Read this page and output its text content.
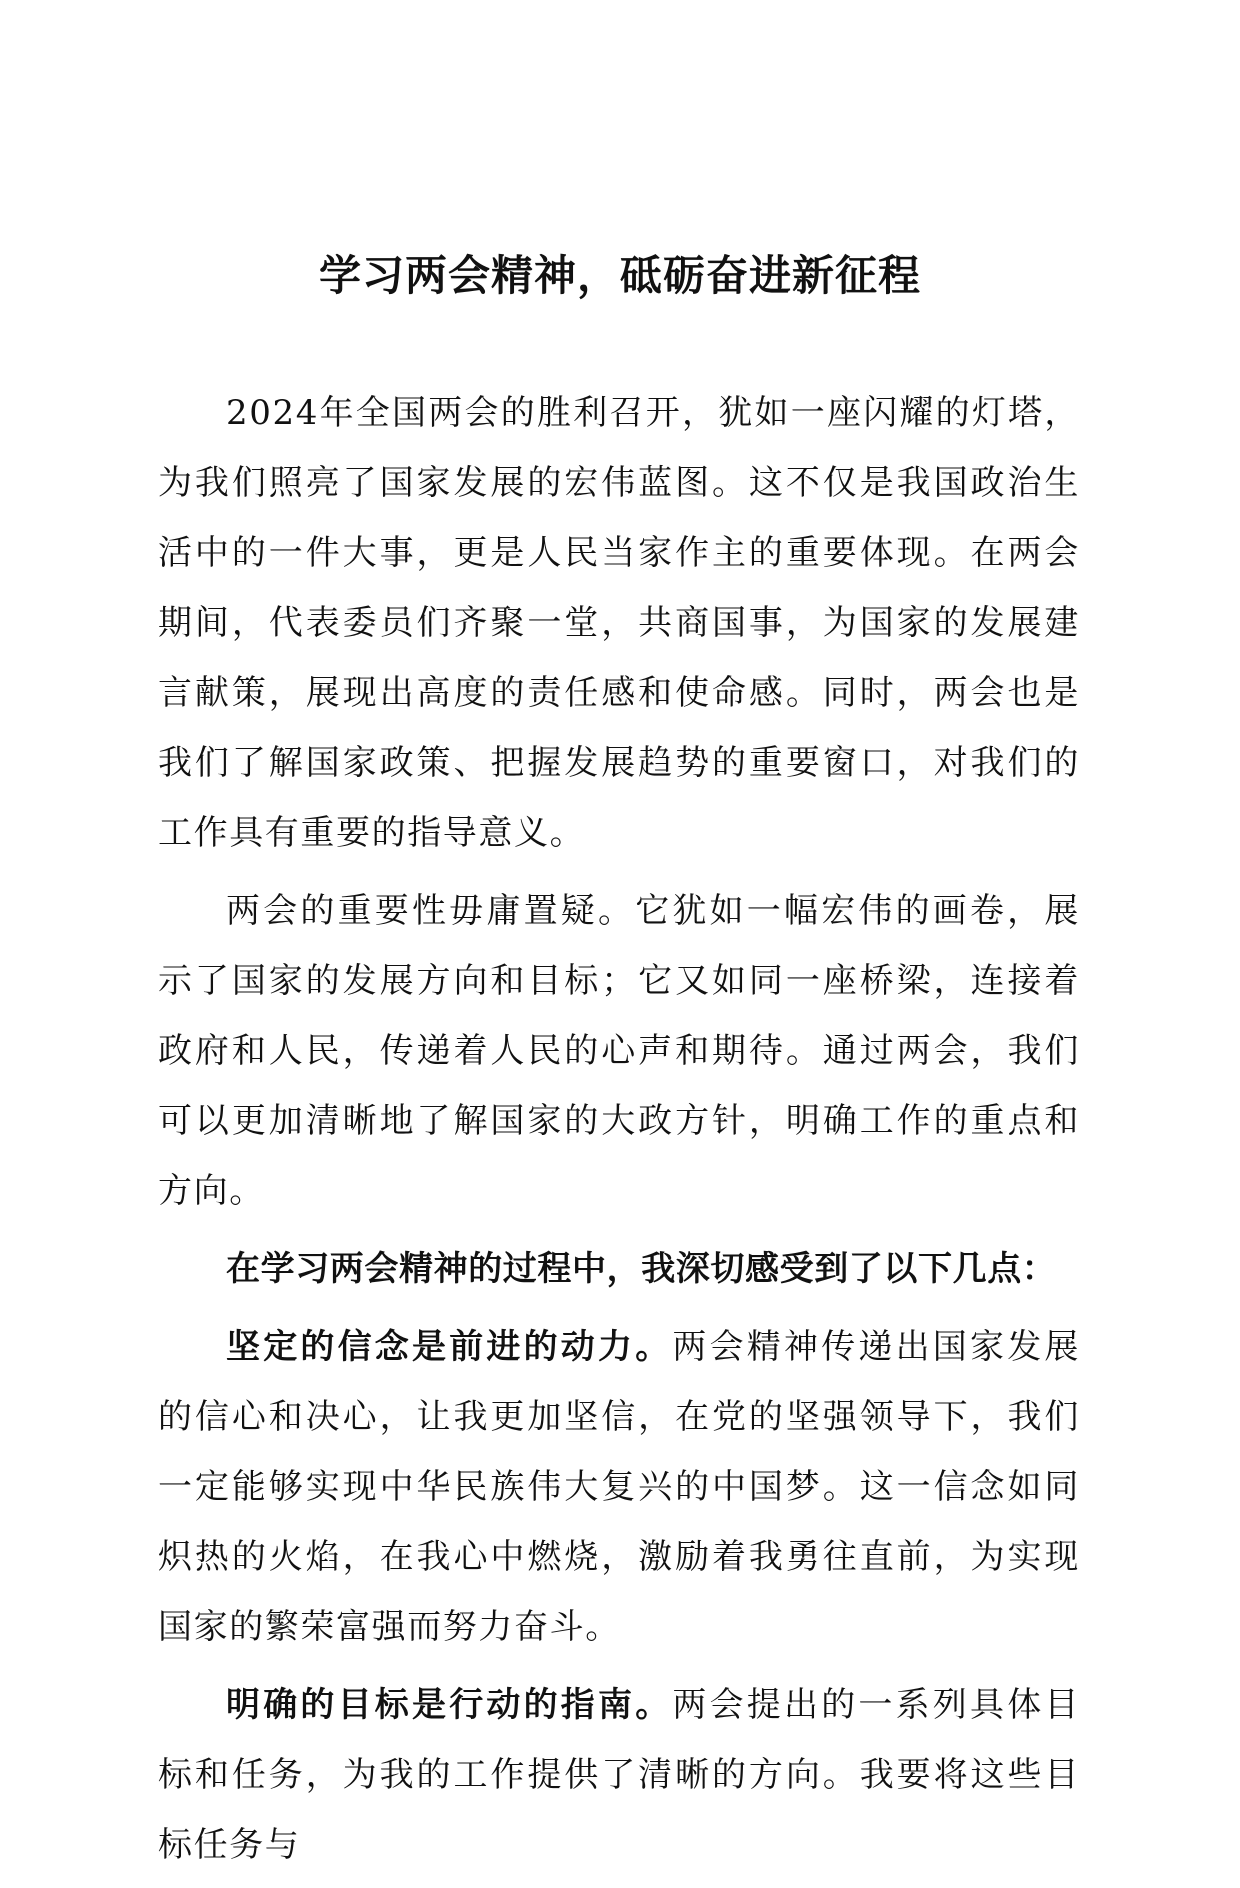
学习两会精神，砥砺奋进新征程

2024年全国两会的胜利召开，犹如一座闪耀的灯塔，为我们照亮了国家发展的宏伟蓝图。这不仅是我国政治生活中的一件大事，更是人民当家作主的重要体现。在两会期间，代表委员们齐聚一堂，共商国事，为国家的发展建言献策，展现出高度的责任感和使命感。同时，两会也是我们了解国家政策、把握发展趋势的重要窗口，对我们的工作具有重要的指导意义。

两会的重要性毋庸置疑。它犹如一幅宏伟的画卷，展示了国家的发展方向和目标；它又如同一座桥梁，连接着政府和人民，传递着人民的心声和期待。通过两会，我们可以更加清晰地了解国家的大政方针，明确工作的重点和方向。

在学习两会精神的过程中，我深切感受到了以下几点：

坚定的信念是前进的动力。两会精神传递出国家发展的信心和决心，让我更加坚信，在党的坚强领导下，我们一定能够实现中华民族伟大复兴的中国梦。这一信念如同炽热的火焰，在我心中燃烧，激励着我勇往直前，为实现国家的繁荣富强而努力奋斗。

明确的目标是行动的指南。两会提出的一系列具体目标和任务，为我的工作提供了清晰的方向。我要将这些目标任务与
